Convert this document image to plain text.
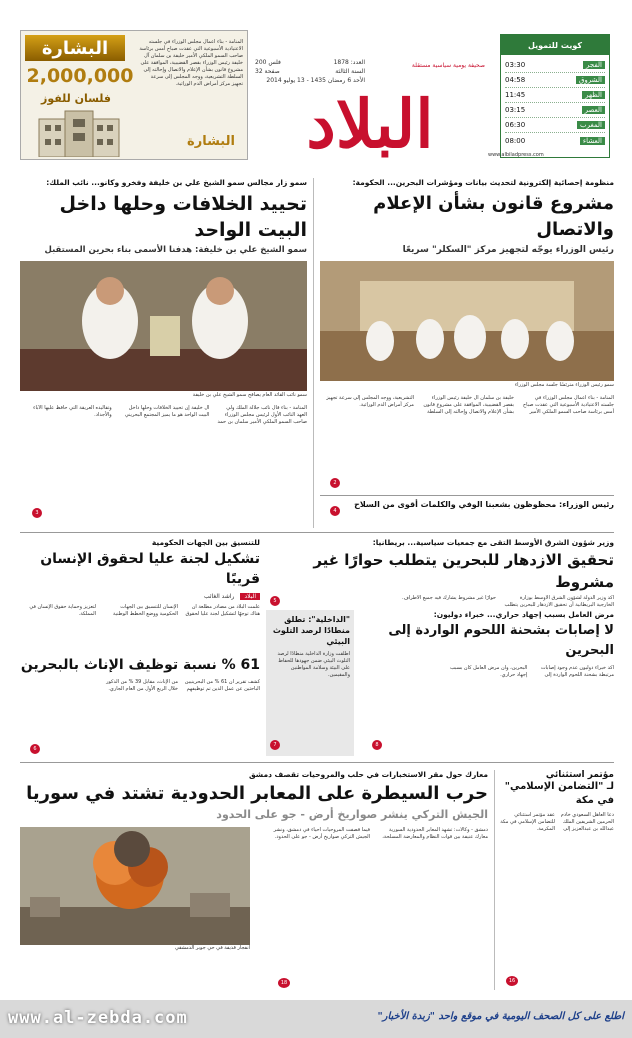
البشارة
2,000,000
فلسان للفوز
المنامة - بناء أعمال مجلس الوزراء في جلسته الاعتيادية الأسبوعية التي عقدت صباح أمس برئاسة صاحب السمو الملكي الأمير خليفة بن سلمان آل خليفة رئيس الوزراء بقصر القضيبية، الموافقة على مشروع قانون بشأن الإعلام والاتصال وإحالته إلى السلطة التشريعية، ووجه المجلس إلى سرعة تجهيز مركز أمراض الدم الوراثية.
البشارة
العدد: 1878
السنة الثالثة
الأحد 6 رمضان 1435 - 13 يوليو 2014
200 فلس
32 صفحة
البلاد
صحيفة يومية سياسية مستقلة
كويت للتمويل
الفجر
03:30
الشروق
04:58
الظهر
11:45
العصر
03:15
المغرب
06:30
العشاء
08:00
www.albiladpress.com
سمو زار مجالس سمو الشيخ علي بن خليفة وفخرو وكانو... نائب الملك:
تحييد الخلافات وحلها داخل البيت الواحد
سمو الشيخ علي بن خليفة: هدفنا الأسمى بناء بحرين المستقبل
سمو نائب القائد العام يصافح سمو الشيخ علي بن خليفة
المنامة - بناء قال نائب جلالة الملك ولي العهد النائب الأول لرئيس مجلس الوزراء صاحب السمو الملكي الأمير سلمان بن حمد آل خليفة إن تحييد الخلافات وحلها داخل البيت الواحد هو ما يميز المجتمع البحريني وتقاليده العريقة التي حافظ عليها الآباء والأجداد.
منظومة إحصائية إلكترونية لتحديث بيانات ومؤشرات البحرين... الحكومة:
مشروع قانون بشأن الإعلام والاتصال
رئيس الوزراء يوجّه لتجهيز مركز "السكلر" سريعًا
سمو رئيس الوزراء مترئسًا جلسة مجلس الوزراء
المنامة - بناء أعمال مجلس الوزراء في جلسته الاعتيادية الأسبوعية التي عقدت صباح أمس برئاسة صاحب السمو الملكي الأمير خليفة بن سلمان آل خليفة رئيس الوزراء بقصر القضيبية، الموافقة على مشروع قانون بشأن الإعلام والاتصال وإحالته إلى السلطة التشريعية، ووجه المجلس إلى سرعة تجهيز مركز أمراض الدم الوراثية.
رئيس الوزراء: محظوظون بشعبنا الوفي والكلمات أقوى من السلاح
للتنسيق بين الجهات الحكومية
تشكيل لجنة عليا لحقوق الإنسان قريبًا
البلاد
راشد الغائب
علمت البلاد من مصادر مطلعة أن هناك توجهًا لتشكيل لجنة عليا لحقوق الإنسان للتنسيق بين الجهات الحكومية ووضع الخطط الوطنية لتعزيز وحماية حقوق الإنسان في المملكة.
61 % نسبة توظيف الإناث بالبحرين
كشف تقرير أن 61 % من البحرينيين الباحثين عن عمل الذين تم توظيفهم من الإناث، مقابل 39 % من الذكور خلال الربع الأول من العام الجاري.
"الداخلية": تطلق منطادًا لرصد التلوث البيئي
أطلقت وزارة الداخلية منطادًا لرصد التلوث البيئي ضمن جهودها للحفاظ على البيئة وسلامة المواطنين والمقيمين.
وزير شؤون الشرق الأوسط التقى مع جمعيات سياسية... بريطانيا:
تحقيق الازدهار للبحرين يتطلب حوارًا غير مشروط
أكد وزير الدولة لشؤون الشرق الأوسط بوزارة الخارجية البريطانية أن تحقيق الازدهار للبحرين يتطلب حوارًا غير مشروط يشارك فيه جميع الأطراف.
مرض العامل بسبب إجهاد حراري... خبراء دوليون:
لا إصابات بشحنة اللحوم الواردة إلى البحرين
أكد خبراء دوليون عدم وجود إصابات مرتبطة بشحنة اللحوم الواردة إلى البحرين، وأن مرض العامل كان بسبب إجهاد حراري.
معارك حول مقر الاستخبارات في حلب والمروحيات تقصف دمشق
حرب السيطرة على المعابر الحدودية تشتد في سوريا
الجيش التركي ينشر صواريخ أرض - جو على الحدود
انفجار قذيفة في حي جوبر الدمشقي
دمشق - وكالات: تشهد المعابر الحدودية السورية معارك عنيفة بين قوات النظام والمعارضة المسلحة، فيما قصفت المروحيات أحياء في دمشق، ونشر الجيش التركي صواريخ أرض - جو على الحدود.
مؤتمر استثنائي
لـ "التضامن الإسلامي"
في مكة
دعا العاهل السعودي خادم الحرمين الشريفين الملك عبدالله بن عبدالعزيز إلى عقد مؤتمر استثنائي للتضامن الإسلامي في مكة المكرمة.
2
4
3
5
6
7	8
16
18
www.al-zebda.com	اطلع على كل الصحف اليومية في موقع واحد "زبدة الأخبار"
